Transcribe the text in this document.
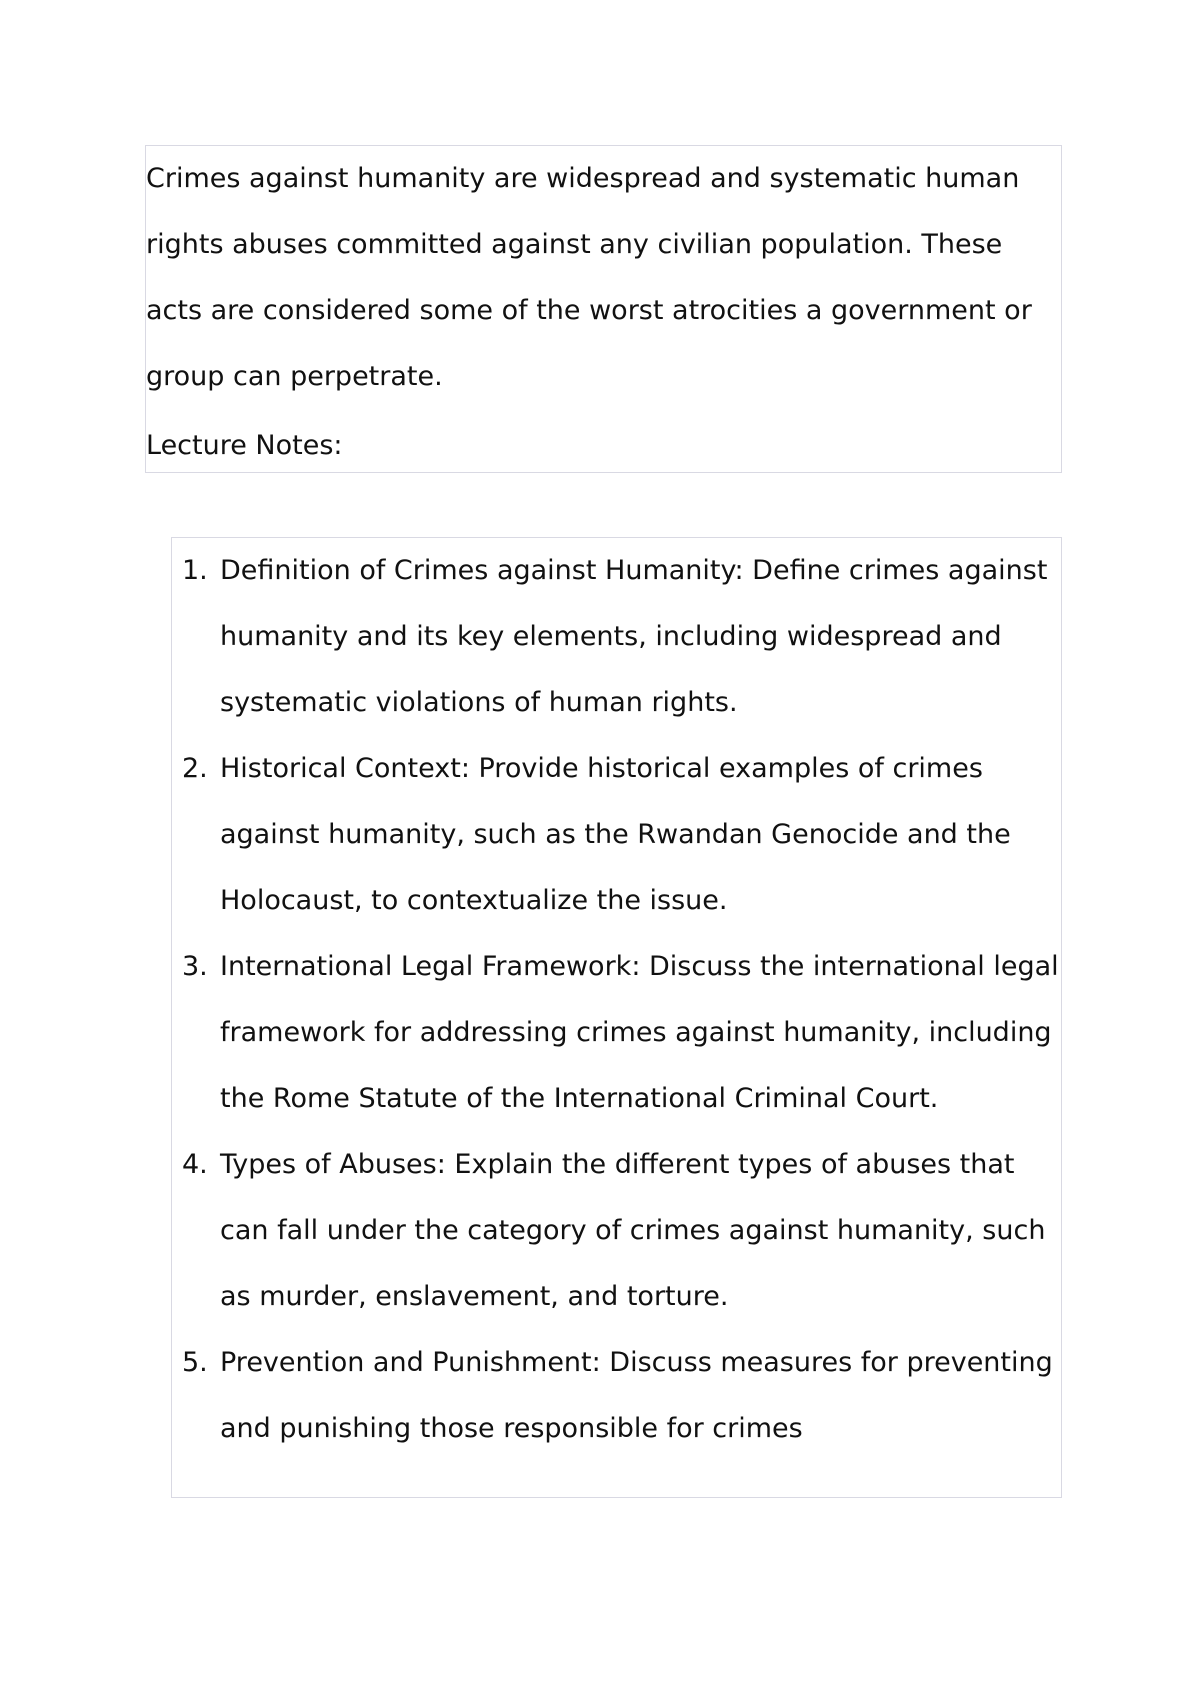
Crimes against humanity are widespread and systematic human rights abuses committed against any civilian population. These acts are considered some of the worst atrocities a government or group can perpetrate.

Lecture Notes:
1. Definition of Crimes against Humanity: Define crimes against humanity and its key elements, including widespread and systematic violations of human rights.
2. Historical Context: Provide historical examples of crimes against humanity, such as the Rwandan Genocide and the Holocaust, to contextualize the issue.
3. International Legal Framework: Discuss the international legal framework for addressing crimes against humanity, including the Rome Statute of the International Criminal Court.
4. Types of Abuses: Explain the different types of abuses that can fall under the category of crimes against humanity, such as murder, enslavement, and torture.
5. Prevention and Punishment: Discuss measures for preventing and punishing those responsible for crimes
